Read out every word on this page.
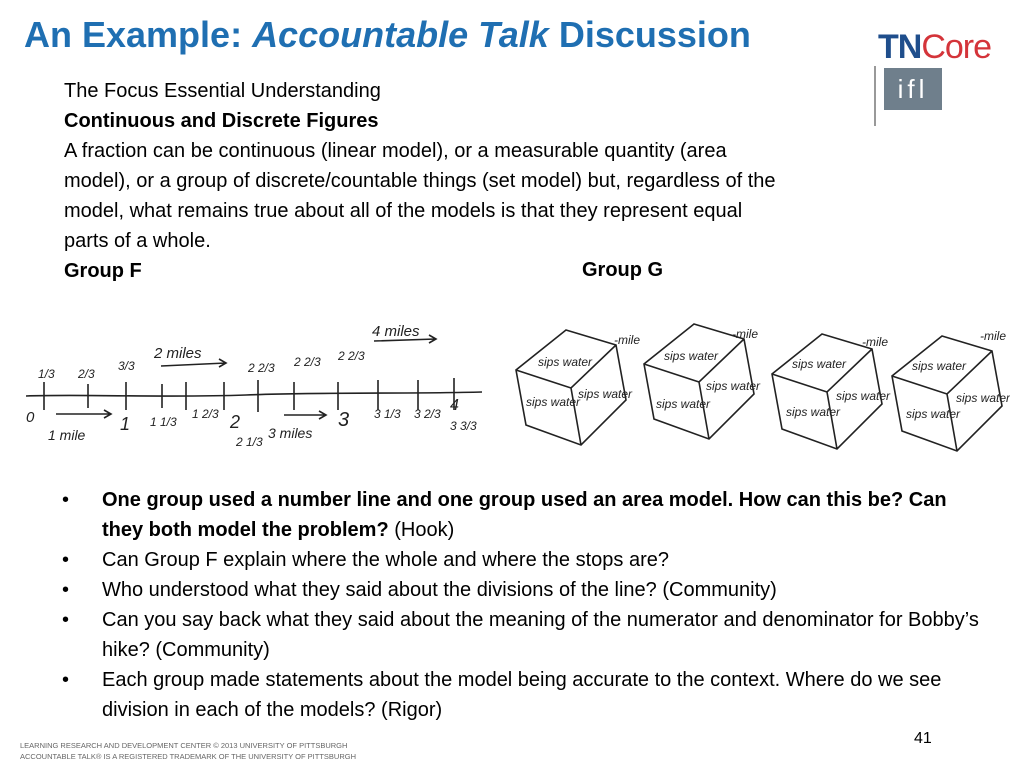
An Example: Accountable Talk Discussion	TNCore
ifl
The Focus Essential Understanding
Continuous and Discrete Figures
A fraction can be continuous (linear model), or a measurable quantity (area
model), or a group of discrete/countable things (set model) but, regardless of the
model, what remains true about all of the models is that they represent equal
parts of a whole.
Group F	Group G
1/3 2/3
3/3
2 miles
2 2/3 2 2/3 2 2/3
4 miles
0
1 mile
1 1 1/3
1 2/3 2
2 1/3
3 miles
3 3 1/3 3 2/3 4
3 3/3
sips water
sips water
sips water
-mile
sips water
sips water
sips water
-mile
sips water
sips water
sips water
-mile
sips water
sips water
sips water
-mile
• One group used a number line and one group used an area model. How can this be? Can they both model the problem? (Hook)
• Can Group F explain where the whole and where the stops are?
• Who understood what they said about the divisions of the line? (Community)
• Can you say back what they said about the meaning of the numerator and denominator for Bobby’s hike? (Community)
• Each group made statements about the model being accurate to the context. Where do we see division in each of the models? (Rigor)
LEARNING RESEARCH AND DEVELOPMENT CENTER © 2013 UNIVERSITY OF PITTSBURGH
ACCOUNTABLE TALK® IS A REGISTERED TRADEMARK OF THE UNIVERSITY OF PITTSBURGH
41
